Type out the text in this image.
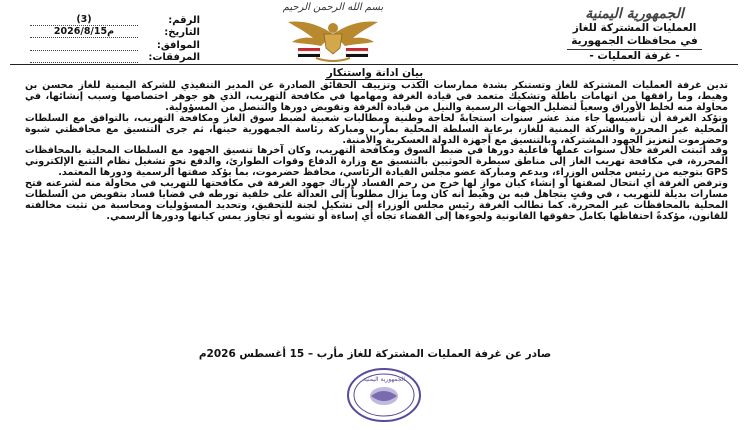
الجمهورية اليمنية
العمليات المشتركة للغاز
في محافظات الجمهورية
- غرفة العمليات -
بسم الله الرحمن الرحيم
الرقم:
(3)
التاريخ:
2026/8/15م
الموافق:
المرفقات:
بيان ادانة واستنكار

تدين غرفة العمليات المشتركة للغاز وتستنكر بشدة ممارسات الكذب وتزييف الحقائق الصادرة عن المدير التنفيذي للشركة اليمنية للغاز محسن بن وهيط، وما رافقها من اتهامات باطلة وتشكيك متعمد في قيادة الغرفة ومهامها في مكافحة التهريب، الذي هو جوهر اختصاصها وسبب إنشائها، في محاولة منه لخلط الأوراق وسعياً لتضليل الجهات الرسمية والنيل من قيادة الغرفة وتقويض دورها والتنصل من المسؤولية.

وتؤكد الغرفة أن تأسيسها جاء منذ عشر سنوات استجابةً لحاجة وطنية ومطالبات شعبية لضبط سوق الغاز ومكافحة التهريب، بالتوافق مع السلطات المحلية غير المحررة والشركة اليمنية للغاز، برعاية السلطة المحلية بمأرب ومباركة رئاسة الجمهورية حينها، ثم جرى التنسيق مع محافظتي شبوة وحضرموت لتعزيز الجهود المشتركة، وبالتنسيق مع أجهزة الدولة العسكرية والأمنية.

وقد أثبتت الغرفة خلال سنوات عملها فاعلية دورها في ضبط السوق ومكافحة التهريب، وكان آخرها تنسيق الجهود مع السلطات المحلية بالمحافظات المحررة، في مكافحة تهريب الغاز إلى مناطق سيطرة الحوثيين بالتنسيق مع وزارة الدفاع وقوات الطوارئ، والدفع نحو تشغيل نظام التتبع الإلكتروني GPS بتوجيه من رئيس مجلس الوزراء، وبدعم ومباركة عضو مجلس القيادة الرئاسي، محافظ حضرموت، بما يؤكد صفتها الرسمية ودورها المعتمد.

وترفض الغرفة أي انتحال لصفتها أو إنشاء كيان موازٍ لها خرج من رحم الفساد لإرباك جهود الغرفة في مكافحتها للتهريب في محاولة منه لشرعنه فتح مسارات بديلة للتهريب ، في وقتٍ يتجاهل فيه بن وهيط أنه كان وما يزال مطلوباً إلى العدالة على خلفية تورطه في قضايا فساد بتفويض من السلطات المحلية بالمحافظات غير المحررة. كما تطالب الغرفة رئيس مجلس الوزراء إلى تشكيل لجنة للتحقيق، وتحديد المسؤوليات ومحاسبة من تثبت مخالفته للقانون، مؤكدةً احتفاظها بكامل حقوقها القانونية ولجوءها إلى القضاء تجاه أي إساءة أو تشويه أو تجاوز يمس كيانها ودورها الرسمي.

صادر عن غرفة العمليات المشتركة للغاز مأرب – 15 أغسطس 2026م
الجمهورية اليمنية
